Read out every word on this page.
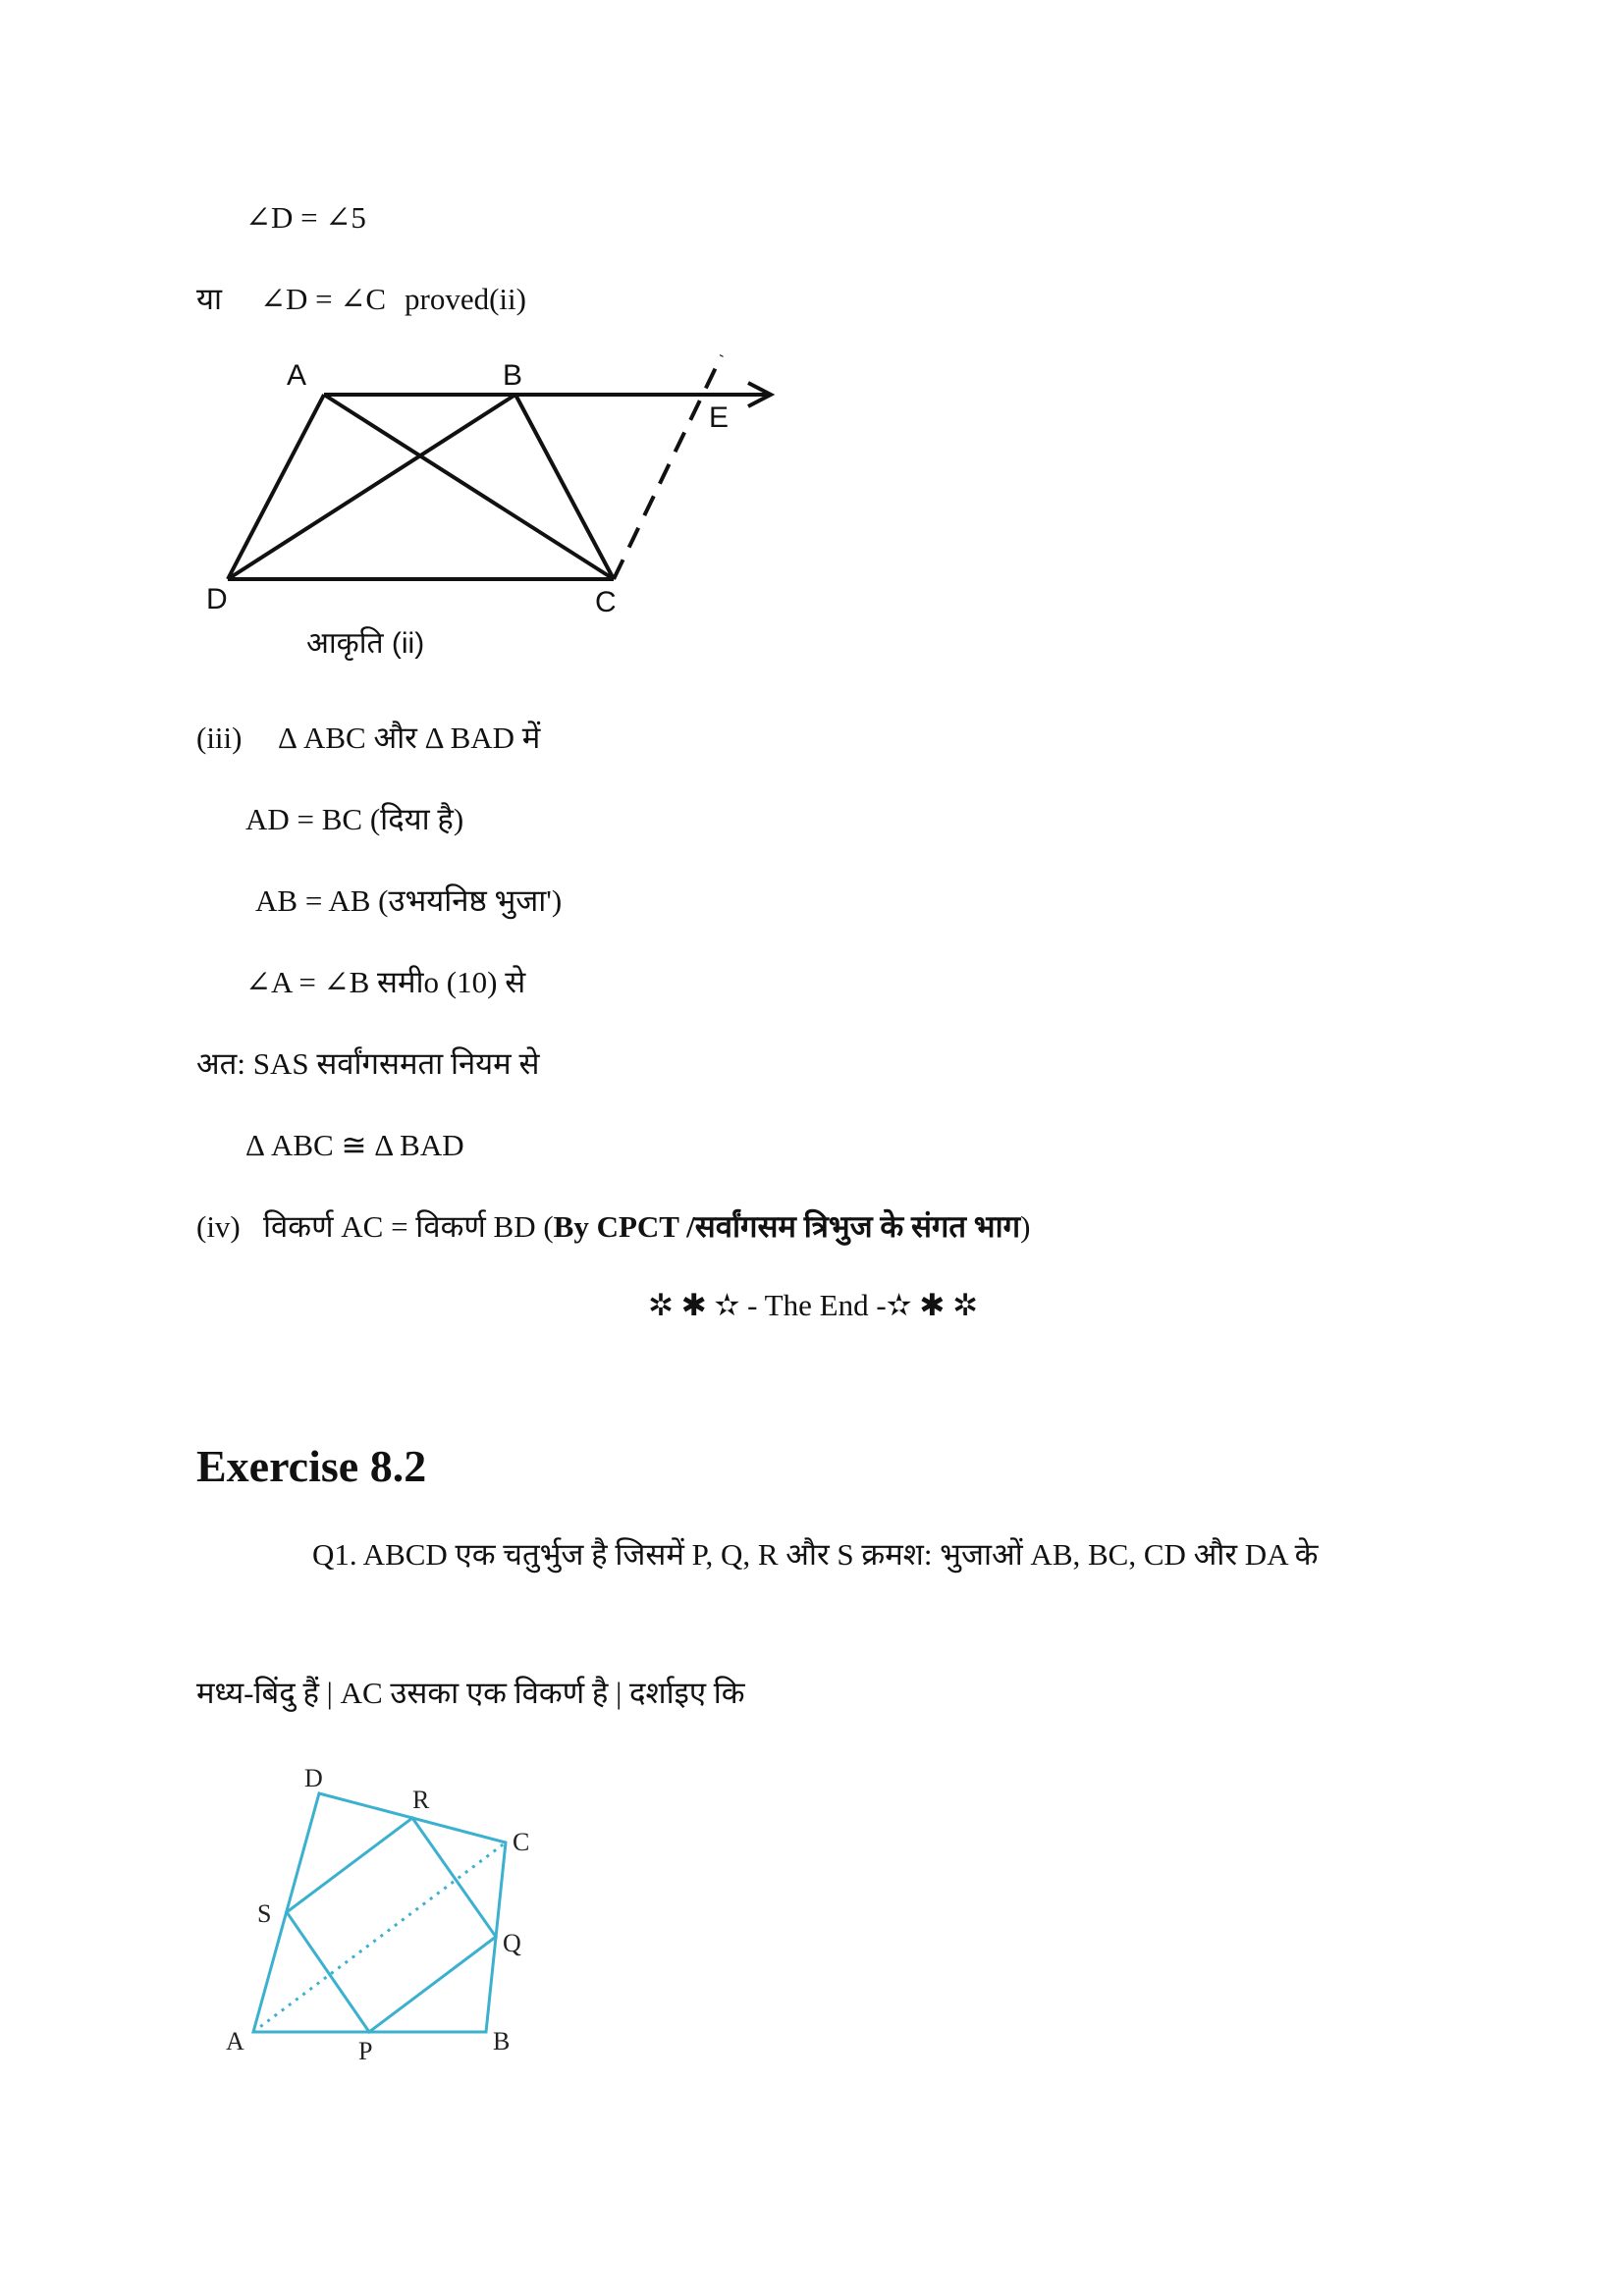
∠D = ∠5
या ∠D = ∠C proved(ii)
A	B
E
D	C
आकृति (ii)
(iii) Δ ABC और Δ BAD में
AD = BC (दिया है)
AB = AB (उभयनिष्ठ भुजा')
∠A = ∠B समीo (10) से
अत: SAS सर्वांगसमता नियम से
Δ ABC ≅ Δ BAD
(iv) विकर्ण AC = विकर्ण BD (By CPCT /सर्वांगसम त्रिभुज के संगत भाग)
✲ ✱ ✫ - The End -✫ ✱ ✲
Exercise 8.2
Q1. ABCD एक चतुर्भुज है जिसमें P, Q, R और S क्रमश: भुजाओं AB, BC, CD और DA के
मध्य-बिंदु हैं | AC उसका एक विकर्ण है | दर्शाइए कि
A	P	B
Q
C
R
D
S
